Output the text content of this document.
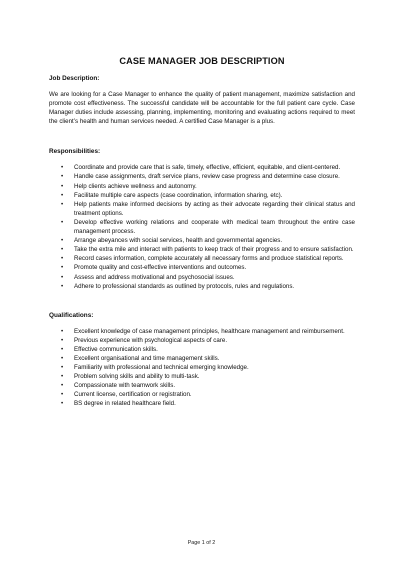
CASE MANAGER JOB DESCRIPTION
Job Description:

We are looking for a Case Manager to enhance the quality of patient management, maximize satisfaction and promote cost effectiveness. The successful candidate will be accountable for the full patient care cycle. Case Manager duties include assessing, planning, implementing, monitoring and evaluating actions required to meet the client’s health and human services needed. A certified Case Manager is a plus.

Responsibilities:
• Coordinate and provide care that is safe, timely, effective, efficient, equitable, and client-centered.
• Handle case assignments, draft service plans, review case progress and determine case closure.
• Help clients achieve wellness and autonomy.
• Facilitate multiple care aspects (case coordination, information sharing, etc).
• Help patients make informed decisions by acting as their advocate regarding their clinical status and treatment options.
• Develop effective working relations and cooperate with medical team throughout the entire case management process.
• Arrange abeyances with social services, health and governmental agencies.
• Take the extra mile and interact with patients to keep track of their progress and to ensure satisfaction.
• Record cases information, complete accurately all necessary forms and produce statistical reports.
• Promote quality and cost-effective interventions and outcomes.
• Assess and address motivational and psychosocial issues.
• Adhere to professional standards as outlined by protocols, rules and regulations.
Qualifications:
• Excellent knowledge of case management principles, healthcare management and reimbursement.
• Previous experience with psychological aspects of care.
• Effective communication skills.
• Excellent organisational and time management skills.
• Familiarity with professional and technical emerging knowledge.
• Problem solving skills and ability to multi-task.
• Compassionate with teamwork skills.
• Current license, certification or registration.
• BS degree in related healthcare field.
Page 1 of 2
